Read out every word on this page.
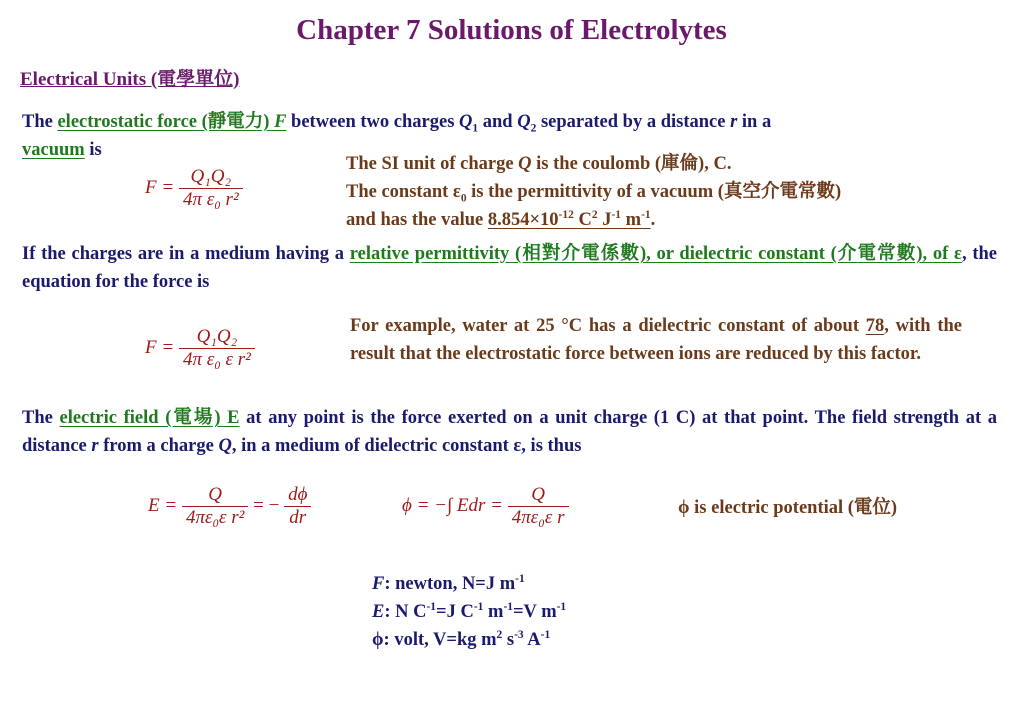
Chapter 7 Solutions of Electrolytes
Electrical Units (電學單位)
The electrostatic force (靜電力) F between two charges $Q_1$ and $Q_2$ separated by a distance r in a
vacuum is
$F = \frac{\text{Q₁Q₂}}{\text{4π ε₀ r²}}$
The SI unit of charge Q is the coulomb (庫倫), C.
The constant $\varepsilon_0$ is the permittivity of a vacuum (真空介電常數)
and has the value $8.854\times 10^{-12}$ $C^2$ $J^{-1}$ $m^{-1}$.
If the charges are in a medium having a relative permittivity (相對介電係數), or dielectric constant (介電常數), of ε, the equation for the force is
$F = \frac{\text{Q₁Q₂}}{\text{4π ε₀ ε r²}}$	For example, water at 25 °C has a dielectric constant of about 78, with the result that the electrostatic force between ions are reduced by this factor.
The electric field (電場) E at any point is the force exerted on a unit charge (1 C) at that point. The field strength at a distance r from a charge Q, in a medium of dielectric constant ε, is thus
$E = \frac{Q}{\text{4πε₀ε r²}}$ = − $\frac{d\phi}{dr}$	ϕ = −∫ Edr = $\frac{Q}{\text{4πε₀ε r}}$	ϕ is electric potential (電位)
F: newton, N=J $m^{-1}$
E: N $C^{-1}=J$ $C^{-1}$ $m^{-1}=V$ $m^{-1}$
ϕ: volt, V=kg $m^2$ $s^{-3}$ $A^{-1}$
